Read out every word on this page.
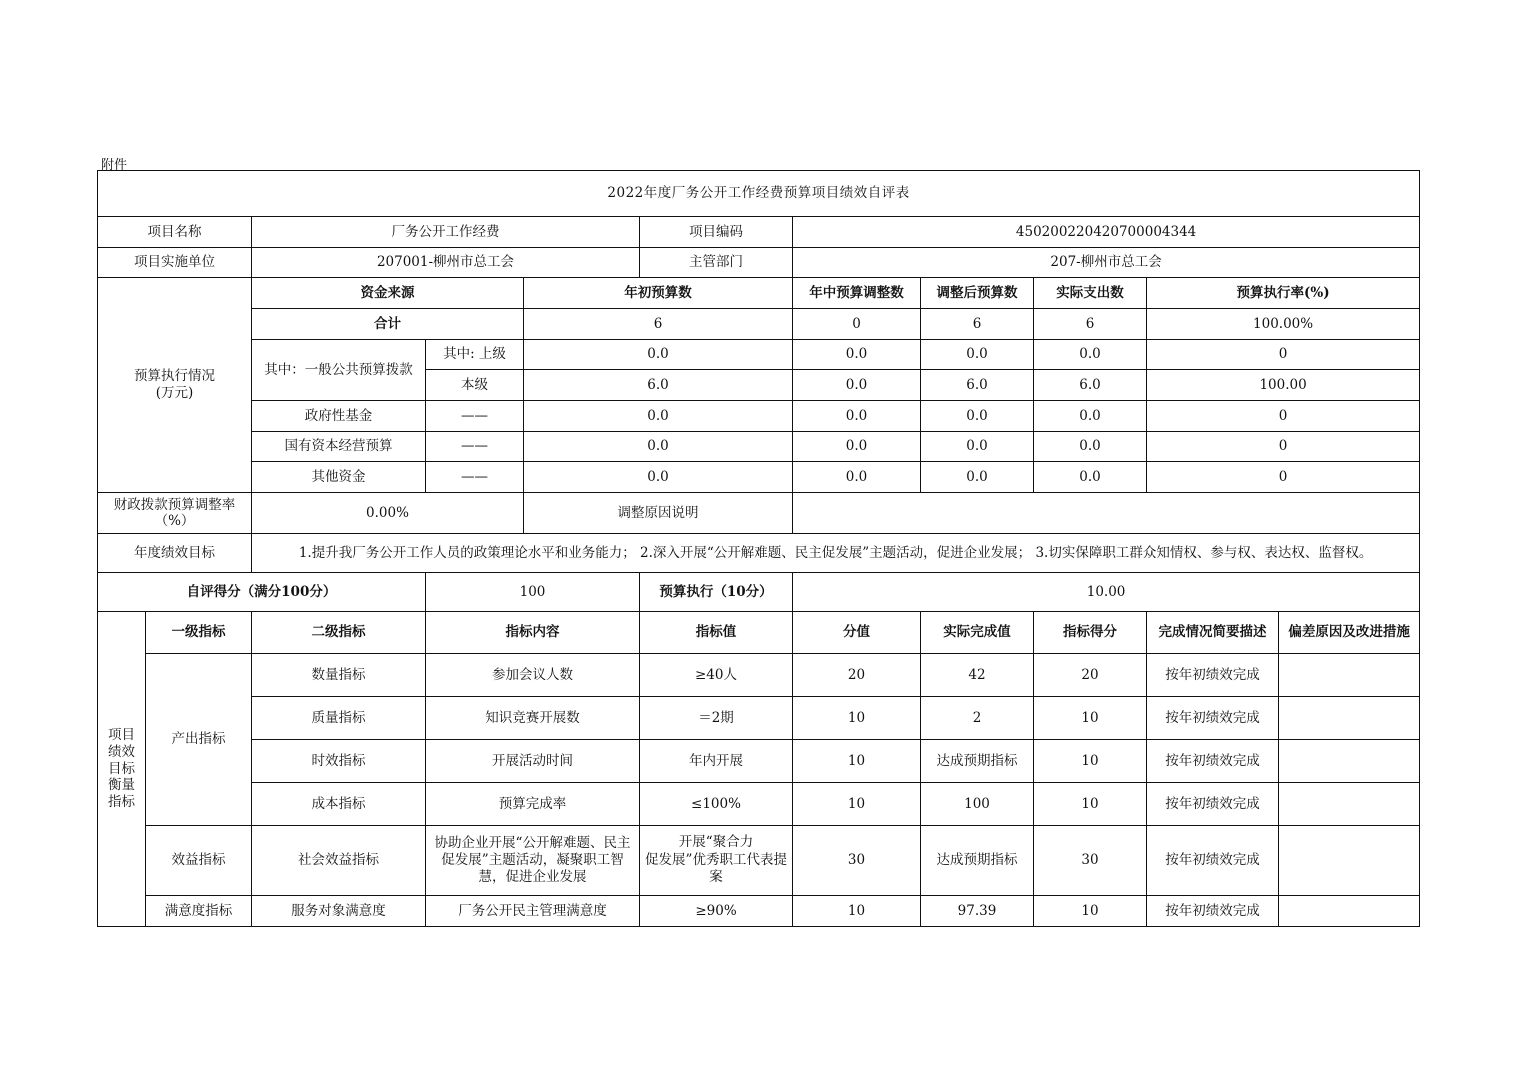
附件
2022年度厂务公开工作经费预算项目绩效自评表										
项目名称		厂务公开工作经费			项目编码	450200220420700004344				
项目实施单位		207001-柳州市总工会			主管部门	207-柳州市总工会				
预算执行情况
(万元)		资金来源		年初预算数		年中预算调整数	调整后预算数	实际支出数	预算执行率(%)	
		合计		6		0	6	6	100.00%	
		其中：一般公共预算拨款	其中: 上级	0.0		0.0	0.0	0.0	0	
			本级	6.0		0.0	6.0	6.0	100.00	
		政府性基金	——	0.0		0.0	0.0	0.0	0	
		国有资本经营预算	——	0.0		0.0	0.0	0.0	0	
		其他资金	——	0.0		0.0	0.0	0.0	0	
财政拨款预算调整率
（%）		0.00%		调整原因说明						
年度绩效目标		1.提升我厂务公开工作人员的政策理论水平和业务能力； 2.深入开展“公开解难题、民主促发展”主题活动，促进企业发展； 3.切实保障职工群众知情权、参与权、表达权、监督权。								
自评得分（满分100分）			100		预算执行（10分）	10.00				
项目
绩效
目标
衡量
指标	一级指标	二级指标	指标内容		指标值	分值	实际完成值	指标得分	完成情况简要描述	偏差原因及改进措施
	产出指标	数量指标	参加会议人数		≥40人	20	42	20	按年初绩效完成	
		质量指标	知识竞赛开展数		＝2期	10	2	10	按年初绩效完成	
		时效指标	开展活动时间		年内开展	10	达成预期指标	10	按年初绩效完成	
		成本指标	预算完成率		≤100%	10	100	10	按年初绩效完成	
	效益指标	社会效益指标	协助企业开展“公开解难题、民主促发展”主题活动，凝聚职工智慧，促进企业发展		开展“聚合力
促发展”优秀职工代表提案	30	达成预期指标	30	按年初绩效完成	
	满意度指标	服务对象满意度	厂务公开民主管理满意度		≥90%	10	97.39	10	按年初绩效完成	
